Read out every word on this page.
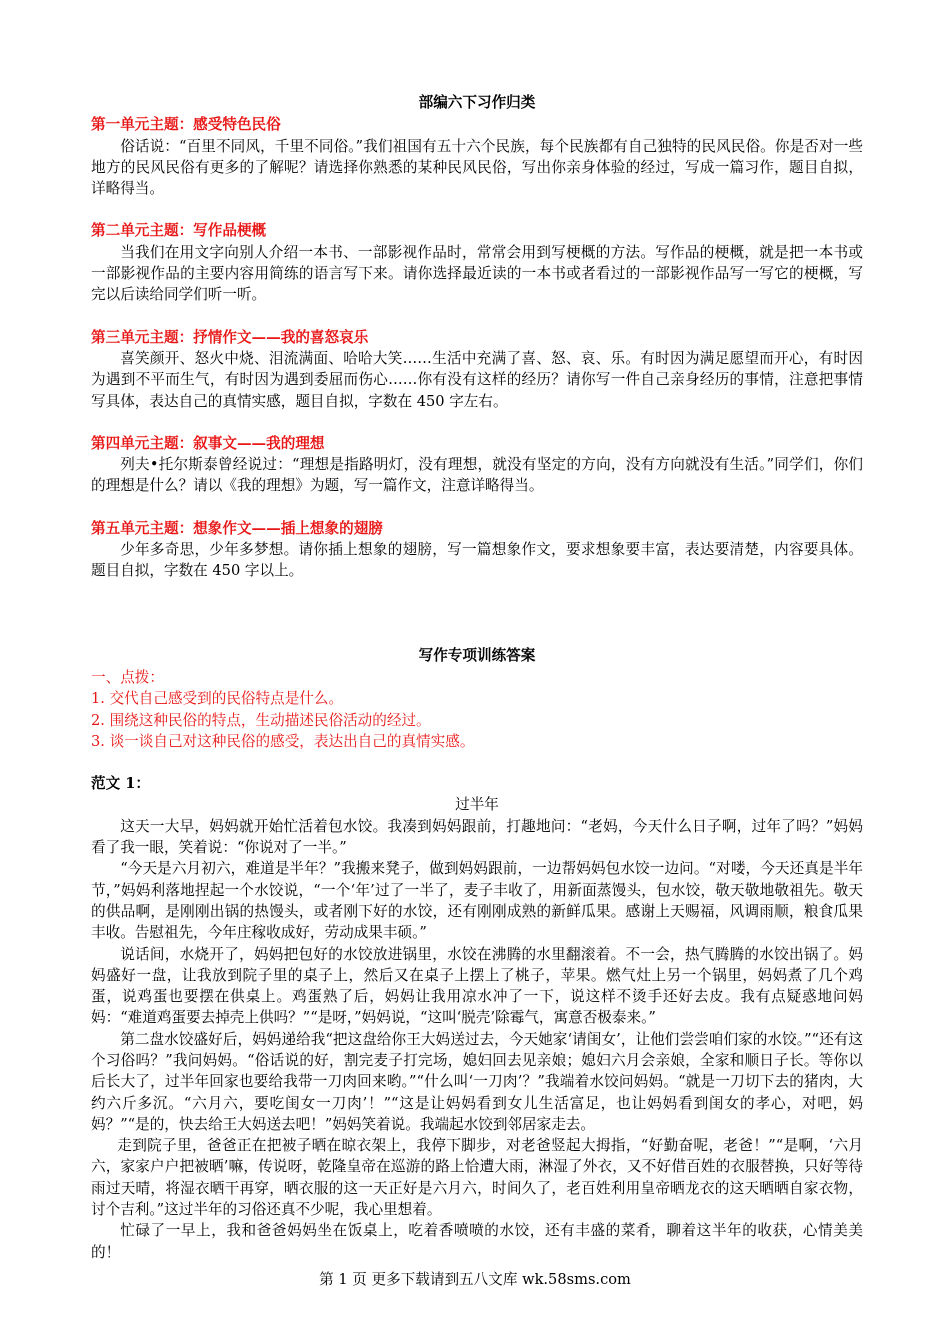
部编六下习作归类

第一单元主题：感受特色民俗

俗话说：“百里不同风，千里不同俗。”我们祖国有五十六个民族，每个民族都有自己独特的民风民俗。你是否对一些地方的民风民俗有更多的了解呢？请选择你熟悉的某种民风民俗，写出你亲身体验的经过，写成一篇习作，题目自拟，详略得当。

第二单元主题：写作品梗概

当我们在用文字向别人介绍一本书、一部影视作品时，常常会用到写梗概的方法。写作品的梗概，就是把一本书或一部影视作品的主要内容用简练的语言写下来。请你选择最近读的一本书或者看过的一部影视作品写一写它的梗概，写完以后读给同学们听一听。

第三单元主题：抒情作文——我的喜怒哀乐

喜笑颜开、怒火中烧、泪流满面、哈哈大笑……生活中充满了喜、怒、哀、乐。有时因为满足愿望而开心，有时因为遇到不平而生气，有时因为遇到委屈而伤心……你有没有这样的经历？请你写一件自己亲身经历的事情，注意把事情写具体，表达自己的真情实感，题目自拟，字数在 450 字左右。

第四单元主题：叙事文——我的理想

列夫•托尔斯泰曾经说过：“理想是指路明灯，没有理想，就没有坚定的方向，没有方向就没有生活。”同学们，你们的理想是什么？请以《我的理想》为题，写一篇作文，注意详略得当。

第五单元主题：想象作文——插上想象的翅膀

少年多奇思，少年多梦想。请你插上想象的翅膀，写一篇想象作文，要求想象要丰富，表达要清楚，内容要具体。题目自拟，字数在 450 字以上。

写作专项训练答案

一、点拨：

1. 交代自己感受到的民俗特点是什么。

2. 围绕这种民俗的特点，生动描述民俗活动的经过。

3. 谈一谈自己对这种民俗的感受，表达出自己的真情实感。

范文 1：

过半年

这天一大早，妈妈就开始忙活着包水饺。我凑到妈妈跟前，打趣地问：“老妈，今天什么日子啊，过年了吗？”妈妈看了我一眼，笑着说：“你说对了一半。”

“今天是六月初六，难道是半年？”我搬来凳子，做到妈妈跟前，一边帮妈妈包水饺一边问。“对喽，今天还真是半年节，”妈妈利落地捏起一个水饺说，“一个‘年’过了一半了，麦子丰收了，用新面蒸馒头，包水饺，敬天敬地敬祖先。敬天的供品啊，是刚刚出锅的热馒头，或者刚下好的水饺，还有刚刚成熟的新鲜瓜果。感谢上天赐福，风调雨顺，粮食瓜果丰收。告慰祖先，今年庄稼收成好，劳动成果丰硕。”

说话间，水烧开了，妈妈把包好的水饺放进锅里，水饺在沸腾的水里翻滚着。不一会，热气腾腾的水饺出锅了。妈妈盛好一盘，让我放到院子里的桌子上，然后又在桌子上摆上了桃子，苹果。燃气灶上另一个锅里，妈妈煮了几个鸡蛋，说鸡蛋也要摆在供桌上。鸡蛋熟了后，妈妈让我用凉水冲了一下，说这样不烫手还好去皮。我有点疑惑地问妈妈：“难道鸡蛋要去掉壳上供吗？”“是呀，”妈妈说，“这叫‘脱壳’除霉气，寓意否极泰来。”

第二盘水饺盛好后，妈妈递给我“把这盘给你王大妈送过去，今天她家‘请闺女’，让他们尝尝咱们家的水饺。”“还有这个习俗吗？”我问妈妈。“俗话说的好，割完麦子打完场，媳妇回去见亲娘；媳妇六月会亲娘，全家和顺日子长。等你以后长大了，过半年回家也要给我带一刀肉回来哟。”“什么叫‘一刀肉’？”我端着水饺问妈妈。“就是一刀切下去的猪肉，大约六斤多沉。“六月六，要吃闺女一刀肉’！”“这是让妈妈看到女儿生活富足，也让妈妈看到闺女的孝心，对吧，妈妈？”“是的，快去给王大妈送去吧！”妈妈笑着说。我端起水饺到邻居家走去。

走到院子里，爸爸正在把被子晒在晾衣架上，我停下脚步，对老爸竖起大拇指，“好勤奋呢，老爸！”“是啊，‘六月六，家家户户把被晒’嘛，传说呀，乾隆皇帝在巡游的路上恰遭大雨，淋湿了外衣，又不好借百姓的衣服替换，只好等待雨过天晴，将湿衣晒干再穿，晒衣服的这一天正好是六月六，时间久了，老百姓利用皇帝晒龙衣的这天晒晒自家衣物，讨个吉利。”这过半年的习俗还真不少呢，我心里想着。

忙碌了一早上，我和爸爸妈妈坐在饭桌上，吃着香喷喷的水饺，还有丰盛的菜肴，聊着这半年的收获，心情美美的！

第 1 页 更多下载请到五八文库 wk.58sms.com
